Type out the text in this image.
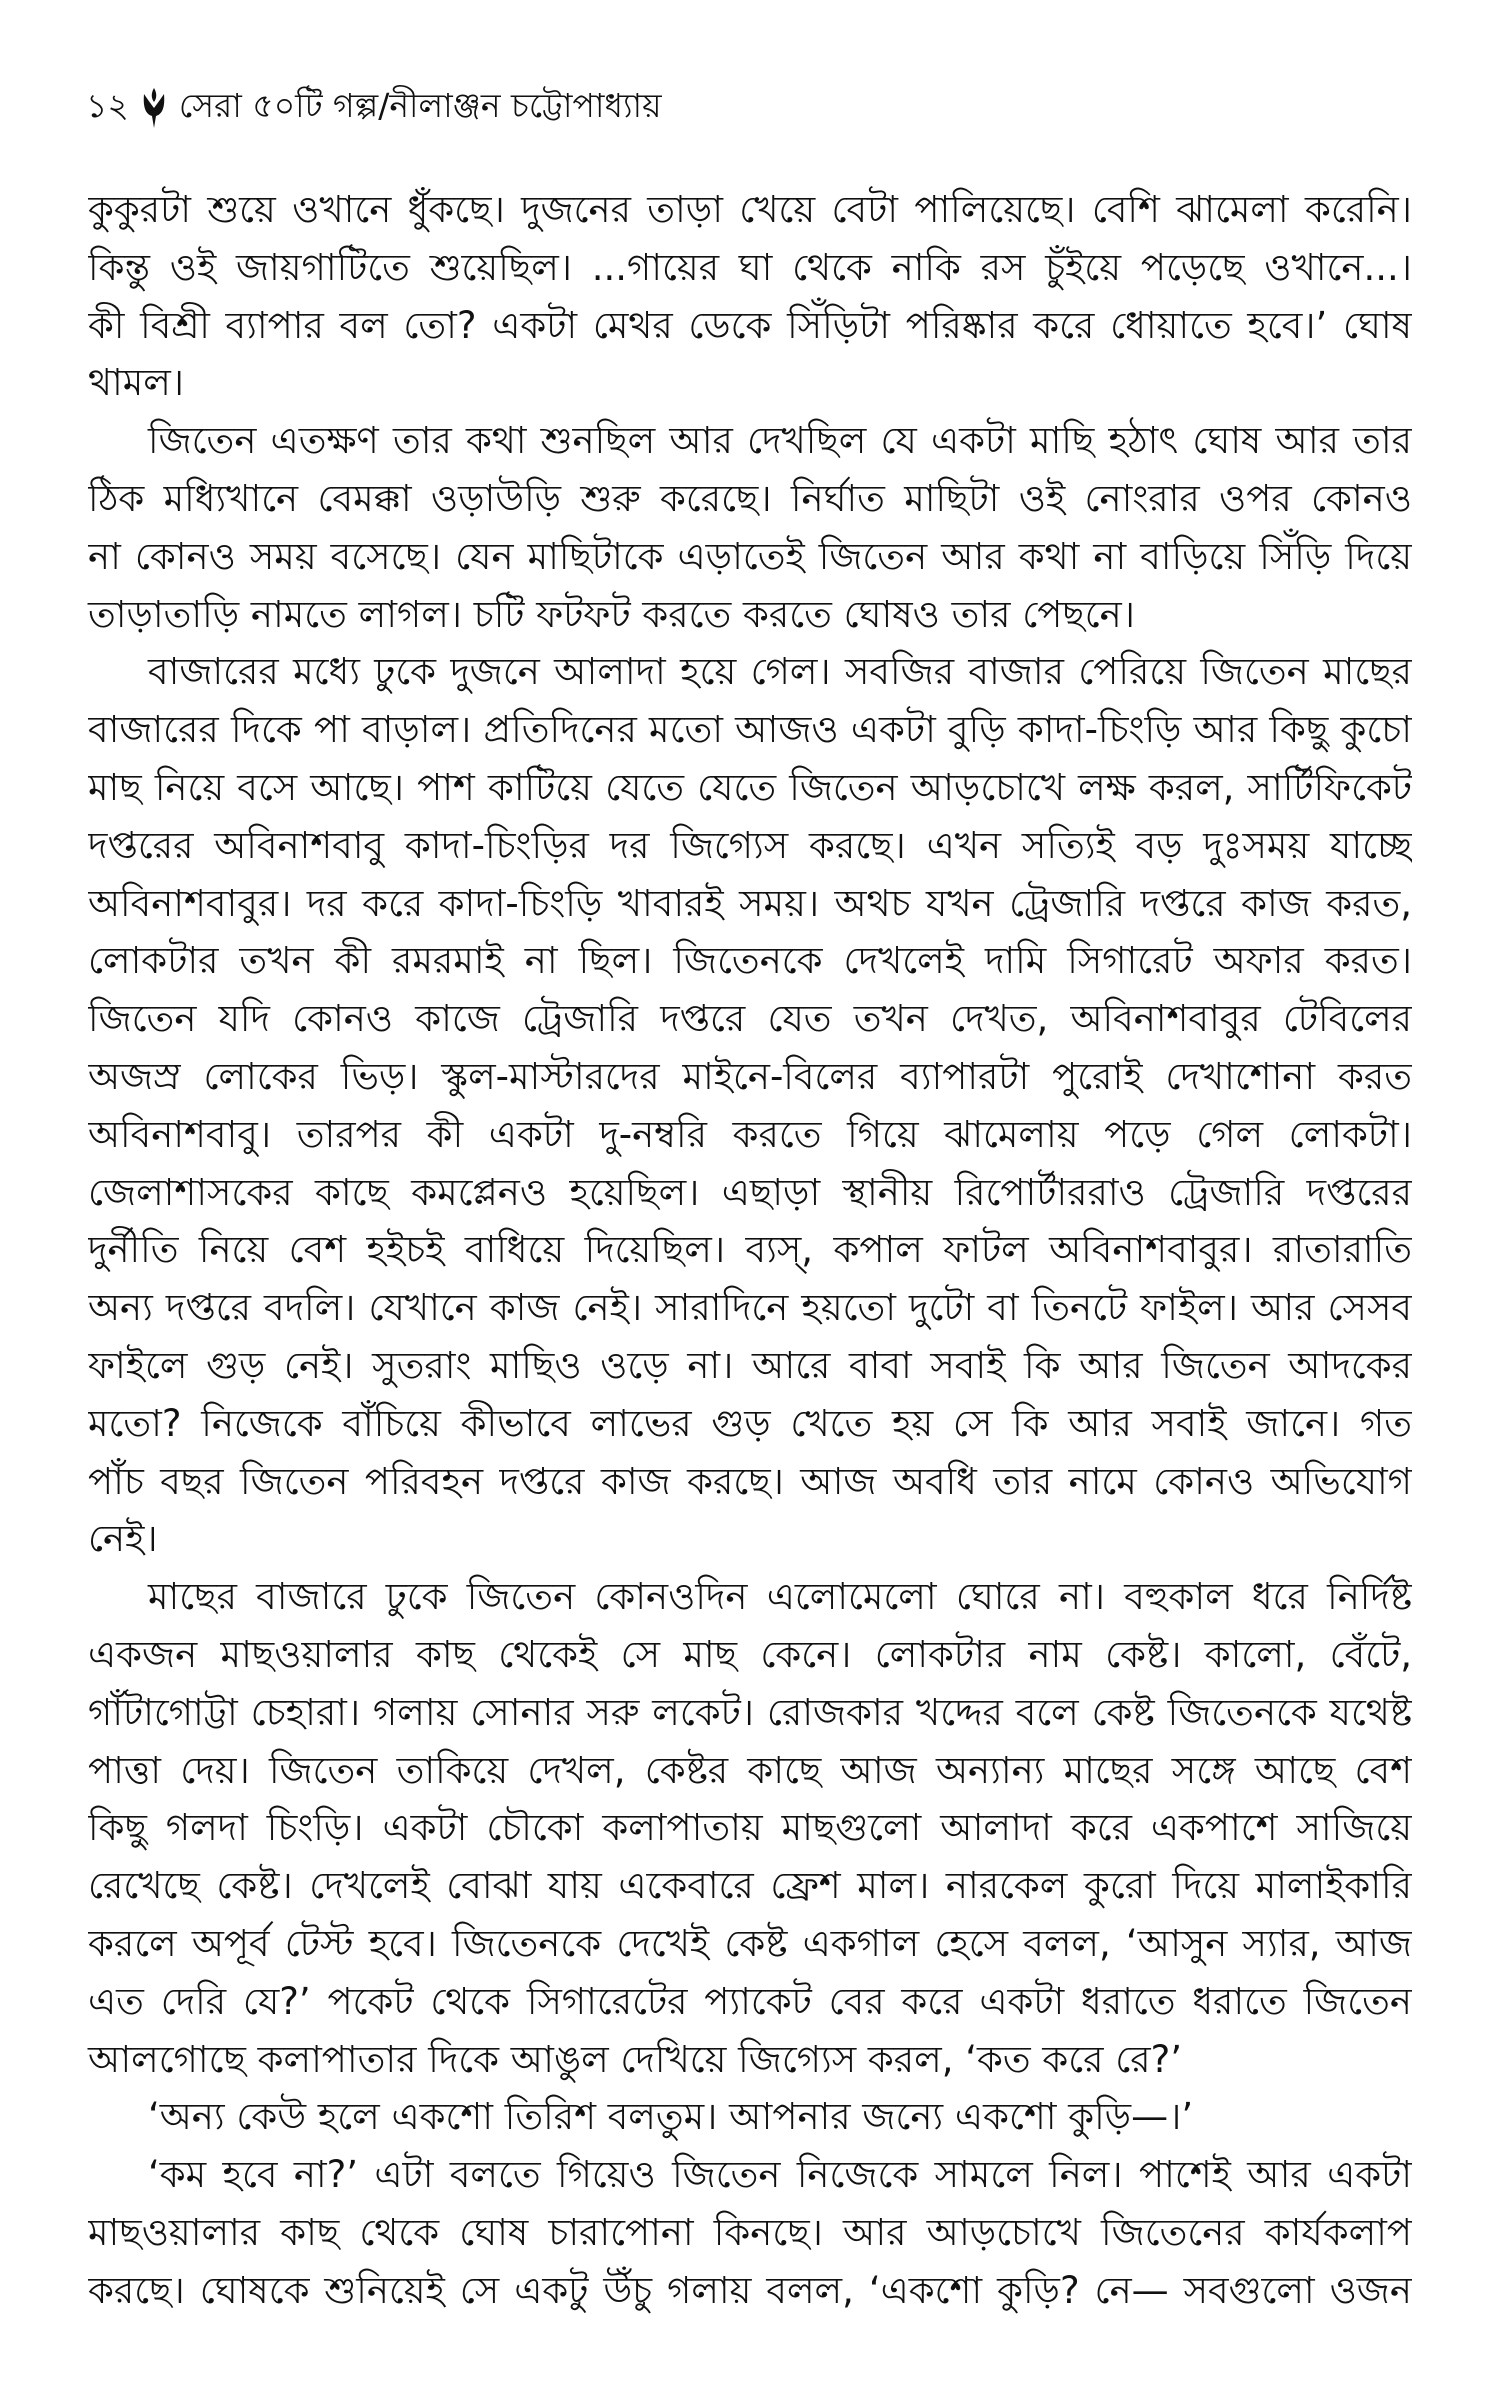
১২ সেরা ৫০টি গল্প/নীলাঞ্জন চট্টোপাধ্যায়
কুকুরটা শুয়ে ওখানে ধুঁকছে। দুজনের তাড়া খেয়ে বেটা পালিয়েছে। বেশি ঝামেলা করেনি।
কিন্তু ওই জায়গাটিতে শুয়েছিল। ...গায়ের ঘা থেকে নাকি রস চুঁইয়ে পড়েছে ওখানে...।
কী বিশ্রী ব্যাপার বল তো? একটা মেথর ডেকে সিঁড়িটা পরিষ্কার করে ধোয়াতে হবে।’ ঘোষ
থামল।
জিতেন এতক্ষণ তার কথা শুনছিল আর দেখছিল যে একটা মাছি হঠাৎ ঘোষ আর তার
ঠিক মধ্যিখানে বেমক্কা ওড়াউড়ি শুরু করেছে। নির্ঘাত মাছিটা ওই নোংরার ওপর কোনও
না কোনও সময় বসেছে। যেন মাছিটাকে এড়াতেই জিতেন আর কথা না বাড়িয়ে সিঁড়ি দিয়ে
তাড়াতাড়ি নামতে লাগল। চটি ফটফট করতে করতে ঘোষও তার পেছনে।
বাজারের মধ্যে ঢুকে দুজনে আলাদা হয়ে গেল। সবজির বাজার পেরিয়ে জিতেন মাছের
বাজারের দিকে পা বাড়াল। প্রতিদিনের মতো আজও একটা বুড়ি কাদা-চিংড়ি আর কিছু কুচো
মাছ নিয়ে বসে আছে। পাশ কাটিয়ে যেতে যেতে জিতেন আড়চোখে লক্ষ করল, সার্টিফিকেট
দপ্তরের অবিনাশবাবু কাদা-চিংড়ির দর জিগ্যেস করছে। এখন সত্যিই বড় দুঃসময় যাচ্ছে
অবিনাশবাবুর। দর করে কাদা-চিংড়ি খাবারই সময়। অথচ যখন ট্রেজারি দপ্তরে কাজ করত,
লোকটার তখন কী রমরমাই না ছিল। জিতেনকে দেখলেই দামি সিগারেট অফার করত।
জিতেন যদি কোনও কাজে ট্রেজারি দপ্তরে যেত তখন দেখত, অবিনাশবাবুর টেবিলের
অজস্র লোকের ভিড়। স্কুল-মাস্টারদের মাইনে-বিলের ব্যাপারটা পুরোই দেখাশোনা করত
অবিনাশবাবু। তারপর কী একটা দু-নম্বরি করতে গিয়ে ঝামেলায় পড়ে গেল লোকটা।
জেলাশাসকের কাছে কমপ্লেনও হয়েছিল। এছাড়া স্থানীয় রিপোর্টাররাও ট্রেজারি দপ্তরের
দুর্নীতি নিয়ে বেশ হইচই বাধিয়ে দিয়েছিল। ব্যস্, কপাল ফাটল অবিনাশবাবুর। রাতারাতি
অন্য দপ্তরে বদলি। যেখানে কাজ নেই। সারাদিনে হয়তো দুটো বা তিনটে ফাইল। আর সেসব
ফাইলে গুড় নেই। সুতরাং মাছিও ওড়ে না। আরে বাবা সবাই কি আর জিতেন আদকের
মতো? নিজেকে বাঁচিয়ে কীভাবে লাভের গুড় খেতে হয় সে কি আর সবাই জানে। গত
পাঁচ বছর জিতেন পরিবহন দপ্তরে কাজ করছে। আজ অবধি তার নামে কোনও অভিযোগ
নেই।
মাছের বাজারে ঢুকে জিতেন কোনওদিন এলোমেলো ঘোরে না। বহুকাল ধরে নির্দিষ্ট
একজন মাছওয়ালার কাছ থেকেই সে মাছ কেনে। লোকটার নাম কেষ্ট। কালো, বেঁটে,
গাঁটাগোট্টা চেহারা। গলায় সোনার সরু লকেট। রোজকার খদ্দের বলে কেষ্ট জিতেনকে যথেষ্ট
পাত্তা দেয়। জিতেন তাকিয়ে দেখল, কেষ্টর কাছে আজ অন্যান্য মাছের সঙ্গে আছে বেশ
কিছু গলদা চিংড়ি। একটা চৌকো কলাপাতায় মাছগুলো আলাদা করে একপাশে সাজিয়ে
রেখেছে কেষ্ট। দেখলেই বোঝা যায় একেবারে ফ্রেশ মাল। নারকেল কুরো দিয়ে মালাইকারি
করলে অপূর্ব টেস্ট হবে। জিতেনকে দেখেই কেষ্ট একগাল হেসে বলল, ‘আসুন স্যার, আজ
এত দেরি যে?’ পকেট থেকে সিগারেটের প্যাকেট বের করে একটা ধরাতে ধরাতে জিতেন
আলগোছে কলাপাতার দিকে আঙুল দেখিয়ে জিগ্যেস করল, ‘কত করে রে?’
‘অন্য কেউ হলে একশো তিরিশ বলতুম। আপনার জন্যে একশো কুড়ি—।’
‘কম হবে না?’ এটা বলতে গিয়েও জিতেন নিজেকে সামলে নিল। পাশেই আর একটা
মাছওয়ালার কাছ থেকে ঘোষ চারাপোনা কিনছে। আর আড়চোখে জিতেনের কার্যকলাপ
করছে। ঘোষকে শুনিয়েই সে একটু উঁচু গলায় বলল, ‘একশো কুড়ি? নে— সবগুলো ওজন
